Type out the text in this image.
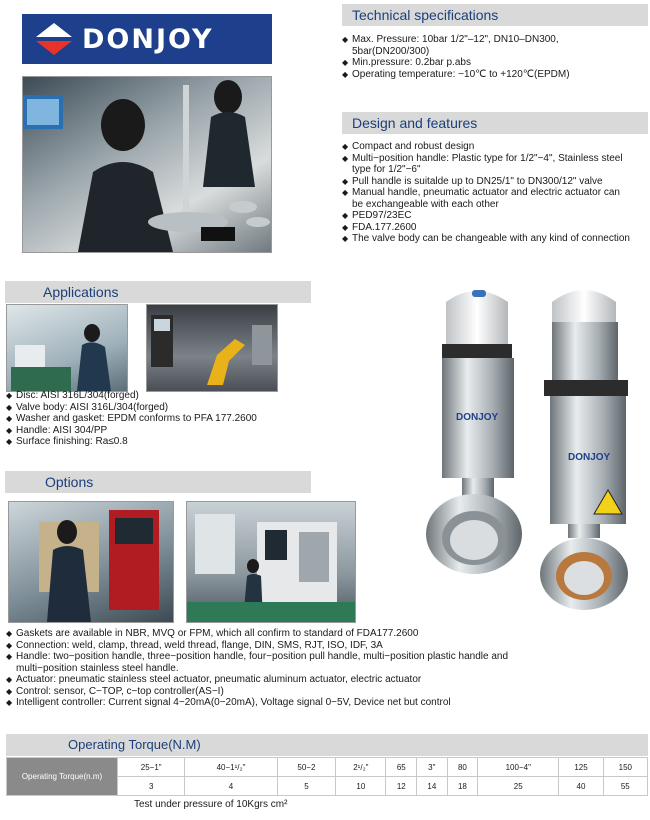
DONJOY
Technical specifications
◆ Max. Pressure: 10bar 1/2"–12", DN10–DN300,
5bar(DN200/300)
◆ Min.pressure: 0.2bar p.abs
◆ Operating temperature: −10℃ to +120℃(EPDM)
Design and features
◆ Compact and robust design
◆ Multi−position handle: Plastic type for 1/2"−4", Stainless steel
type for 1/2"−6"
◆ Pull handle is suitalde up to DN25/1" to DN300/12" valve
◆ Manual handle, pneumatic actuator and electric actuator can
be exchangeable with each other
◆ PED97/23EC
◆ FDA.177.2600
◆ The valve body can be changeable with any kind of connection
Applications
◆ Disc: AISI 316L/304(forged)
◆ Valve body: AISI 316L/304(forged)
◆ Washer and gasket: EPDM conforms to PFA 177.2600
◆ Handle: AISI 304/PP
◆ Surface finishing: Ra≤0.8
Options
DONJOY
DONJOY
◆ Gaskets are available in NBR, MVQ or FPM, which all confirm to standard of FDA177.2600
◆ Connection: weld, clamp, thread, weld thread, flange, DIN, SMS, RJT, ISO, IDF, 3A
◆ Handle: two−position handle, three−position handle, four−position pull handle, multi−position plastic handle and
multi−position stainless steel handle.
◆ Actuator: pneumatic stainless steel actuator, pneumatic aluminum actuator, electric actuator
◆ Control: sensor, C−TOP, c−top controller(AS−I)
◆ Intelligent controller: Current signal 4−20mA(0−20mA), Voltage signal 0−5V, Device net but control
Operating Torque(N.M)
Operating Torque(n.m)	25−1"	40−1¹/₂"	50−2	2¹/₂"	65	3"	80	100−4"	125	150
	3	4	5	10	12	14	18	25	40	55
Test under pressure of 10Kgrs cm²
